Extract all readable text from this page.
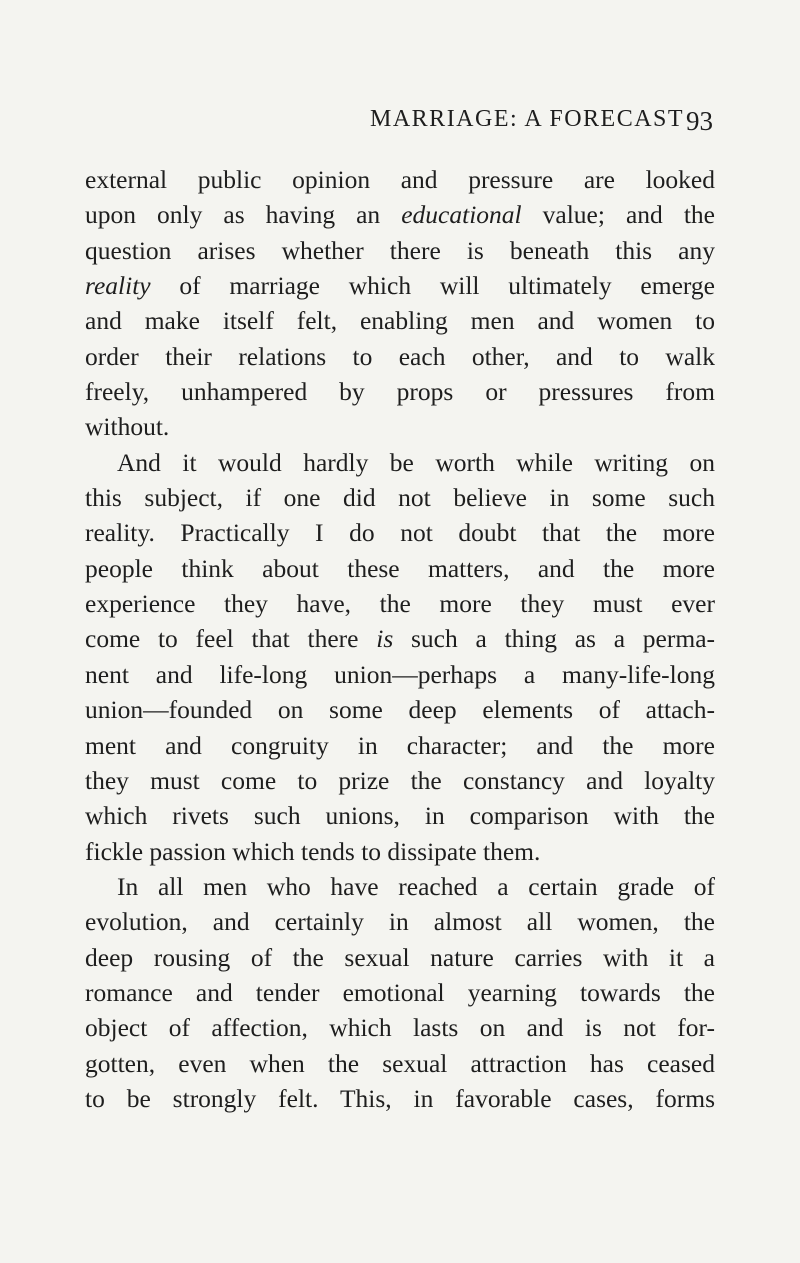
MARRIAGE: A FORECAST 93
external public opinion and pressure are looked
upon only as having an educational value; and the
question arises whether there is beneath this any
reality of marriage which will ultimately emerge
and make itself felt, enabling men and women to
order their relations to each other, and to walk
freely, unhampered by props or pressures from
without.
And it would hardly be worth while writing on
this subject, if one did not believe in some such
reality. Practically I do not doubt that the more
people think about these matters, and the more
experience they have, the more they must ever
come to feel that there is such a thing as a perma-
nent and life-long union—perhaps a many-life-long
union—founded on some deep elements of attach-
ment and congruity in character; and the more
they must come to prize the constancy and loyalty
which rivets such unions, in comparison with the
fickle passion which tends to dissipate them.
In all men who have reached a certain grade of
evolution, and certainly in almost all women, the
deep rousing of the sexual nature carries with it a
romance and tender emotional yearning towards the
object of affection, which lasts on and is not for-
gotten, even when the sexual attraction has ceased
to be strongly felt. This, in favorable cases, forms
